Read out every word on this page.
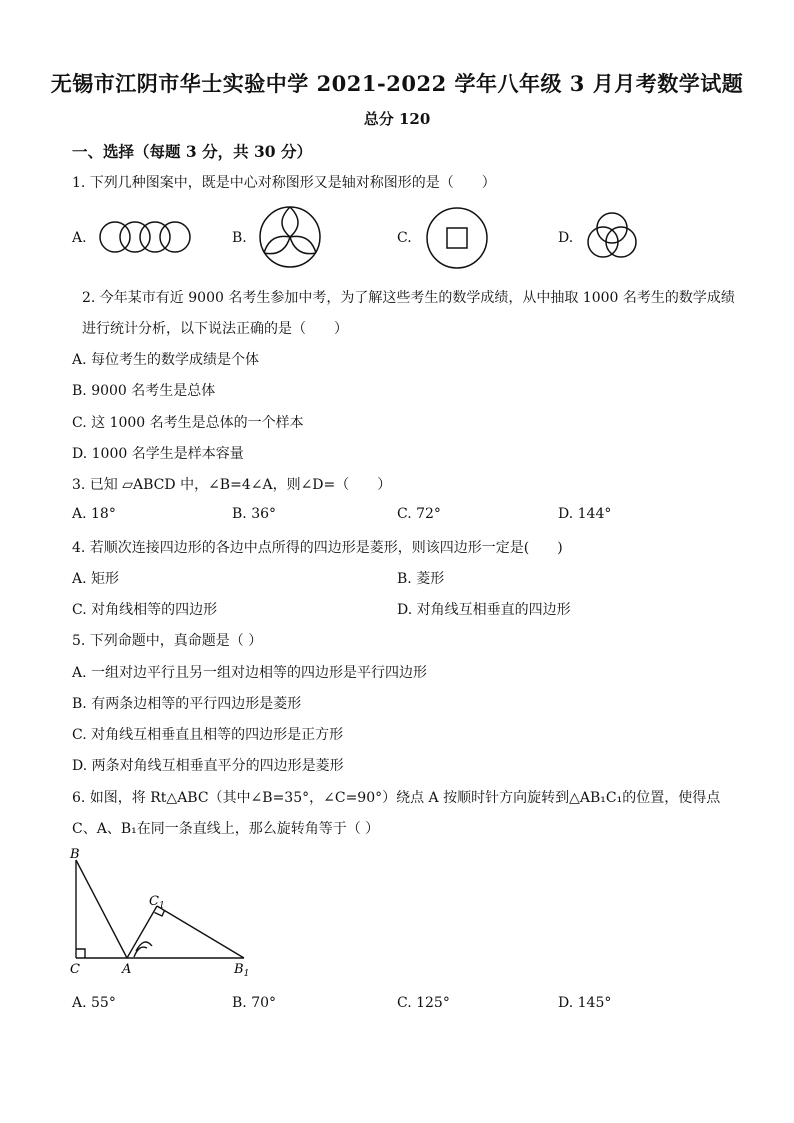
无锡市江阴市华士实验中学 2021-2022 学年八年级 3 月月考数学试题
总分 120
一、选择（每题 3 分，共 30 分）
1. 下列几种图案中，既是中心对称图形又是轴对称图形的是（　　）
A.	B.	C.	D.
2. 今年某市有近 9000 名考生参加中考，为了解这些考生的数学成绩，从中抽取 1000 名考生的数学成绩
进行统计分析，以下说法正确的是（　　）
A. 每位考生的数学成绩是个体
B. 9000 名考生是总体
C. 这 1000 名考生是总体的一个样本
D. 1000 名学生是样本容量
3. 已知 ▱ABCD 中，∠B=4∠A，则∠D=（　　）
A. 18°	B. 36°	C. 72°	D. 144°
4. 若顺次连接四边形的各边中点所得的四边形是菱形，则该四边形一定是(　　)
A. 矩形	B. 菱形
C. 对角线相等的四边形	D. 对角线互相垂直的四边形
5. 下列命题中，真命题是（ ）
A. 一组对边平行且另一组对边相等的四边形是平行四边形
B. 有两条边相等的平行四边形是菱形
C. 对角线互相垂直且相等的四边形是正方形
D. 两条对角线互相垂直平分的四边形是菱形
6. 如图，将 Rt△ABC（其中∠B=35°，∠C=90°）绕点 A 按顺时针方向旋转到△AB₁C₁的位置，使得点
C、A、B₁在同一条直线上，那么旋转角等于（ ）
B
C	A
$C_1$
$B_1$
A. 55°	B. 70°	C. 125°	D. 145°
